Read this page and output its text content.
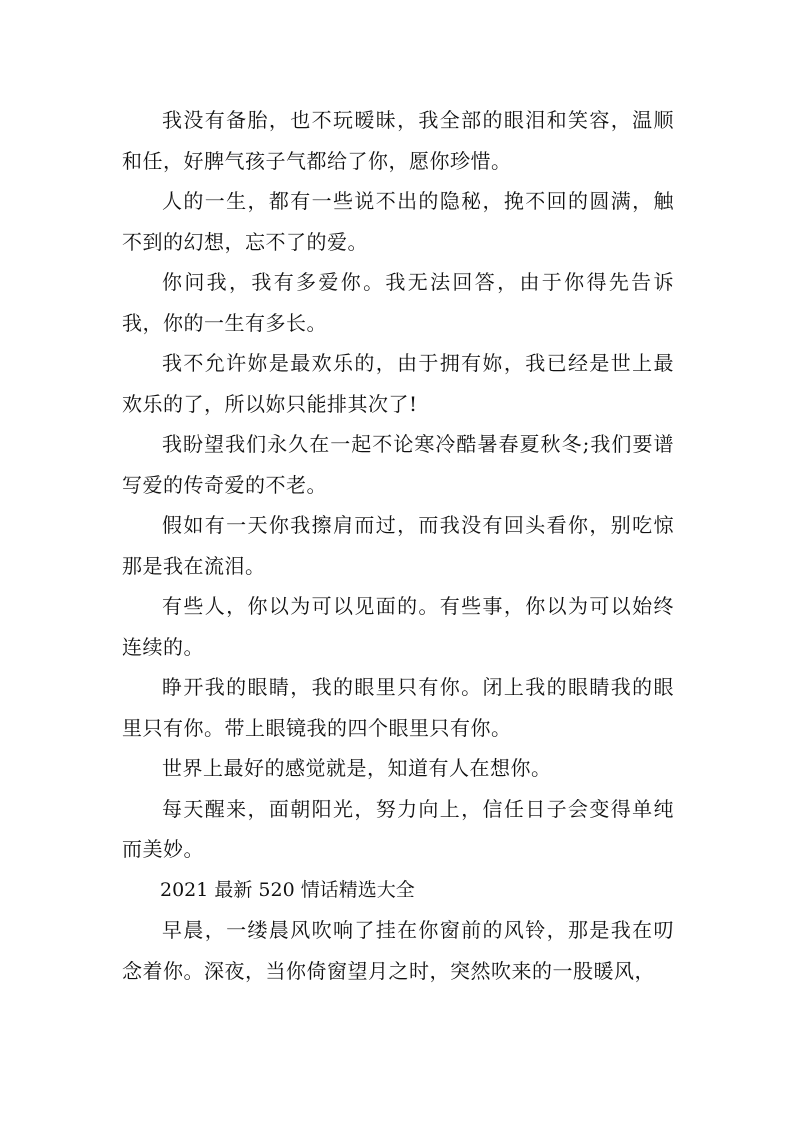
我没有备胎，也不玩暧昧，我全部的眼泪和笑容，温顺和任，好脾气孩子气都给了你，愿你珍惜。

人的一生，都有一些说不出的隐秘，挽不回的圆满，触不到的幻想，忘不了的爱。

你问我，我有多爱你。我无法回答，由于你得先告诉我，你的一生有多长。

我不允许妳是最欢乐的，由于拥有妳，我已经是世上最欢乐的了，所以妳只能排其次了!

我盼望我们永久在一起不论寒冷酷暑春夏秋冬;我们要谱写爱的传奇爱的不老。

假如有一天你我擦肩而过，而我没有回头看你，别吃惊那是我在流泪。

有些人，你以为可以见面的。有些事，你以为可以始终连续的。

睁开我的眼睛，我的眼里只有你。闭上我的眼睛我的眼里只有你。带上眼镜我的四个眼里只有你。

世界上最好的感觉就是，知道有人在想你。

每天醒来，面朝阳光，努力向上，信任日子会变得单纯而美妙。

2021 最新 520 情话精选大全

早晨，一缕晨风吹响了挂在你窗前的风铃，那是我在叨念着你。深夜，当你倚窗望月之时，突然吹来的一股暖风，
